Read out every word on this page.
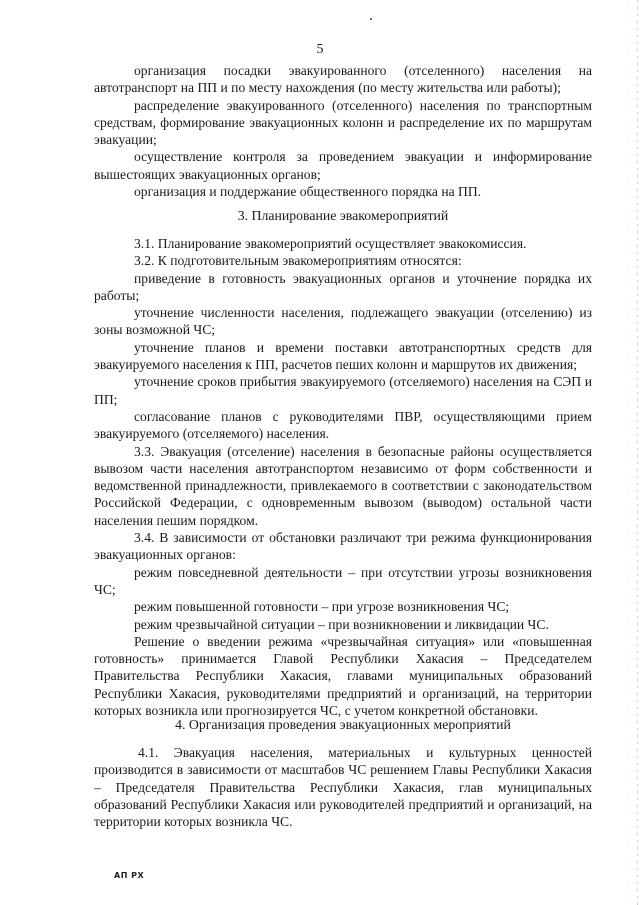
5

организация посадки эвакуированного (отселенного) населения на автотранспорт на ПП и по месту нахождения (по месту жительства или работы);

распределение эвакуированного (отселенного) населения по транспортным средствам, формирование эвакуационных колонн и распределение их по маршрутам эвакуации;

осуществление контроля за проведением эвакуации и информирование вышестоящих эвакуационных органов;

организация и поддержание общественного порядка на ПП.

3. Планирование эвакомероприятий

3.1. Планирование эвакомероприятий осуществляет эвакокомиссия.

3.2. К подготовительным эвакомероприятиям относятся:

приведение в готовность эвакуационных органов и уточнение порядка их работы;

уточнение численности населения, подлежащего эвакуации (отселению) из зоны возможной ЧС;

уточнение планов и времени поставки автотранспортных средств для эвакуируемого населения к ПП, расчетов пеших колонн и маршрутов их движения;

уточнение сроков прибытия эвакуируемого (отселяемого) населения на СЭП и ПП;

согласование планов с руководителями ПВР, осуществляющими прием эвакуируемого (отселяемого) населения.

3.3. Эвакуация (отселение) населения в безопасные районы осуществляется вывозом части населения автотранспортом независимо от форм собственности и ведомственной принадлежности, привлекаемого в соответствии с законодательством Российской Федерации, с одновременным вывозом (выводом) остальной части населения пешим порядком.

3.4. В зависимости от обстановки различают три режима функционирования эвакуационных органов:

режим повседневной деятельности – при отсутствии угрозы возникновения ЧС;

режим повышенной готовности – при угрозе возникновения ЧС;

режим чрезвычайной ситуации – при возникновении и ликвидации ЧС.

Решение о введении режима «чрезвычайная ситуация» или «повышенная готовность» принимается Главой Республики Хакасия – Председателем Правительства Республики Хакасия, главами муниципальных образований Республики Хакасия, руководителями предприятий и организаций, на территории которых возникла или прогнозируется ЧС, с учетом конкретной обстановки.

4. Организация проведения эвакуационных мероприятий

4.1. Эвакуация населения, материальных и культурных ценностей производится в зависимости от масштабов ЧС решением Главы Республики Хакасия – Председателя Правительства Республики Хакасия, глав муниципальных образований Республики Хакасия или руководителей предприятий и организаций, на территории которых возникла ЧС.

АП РХ
